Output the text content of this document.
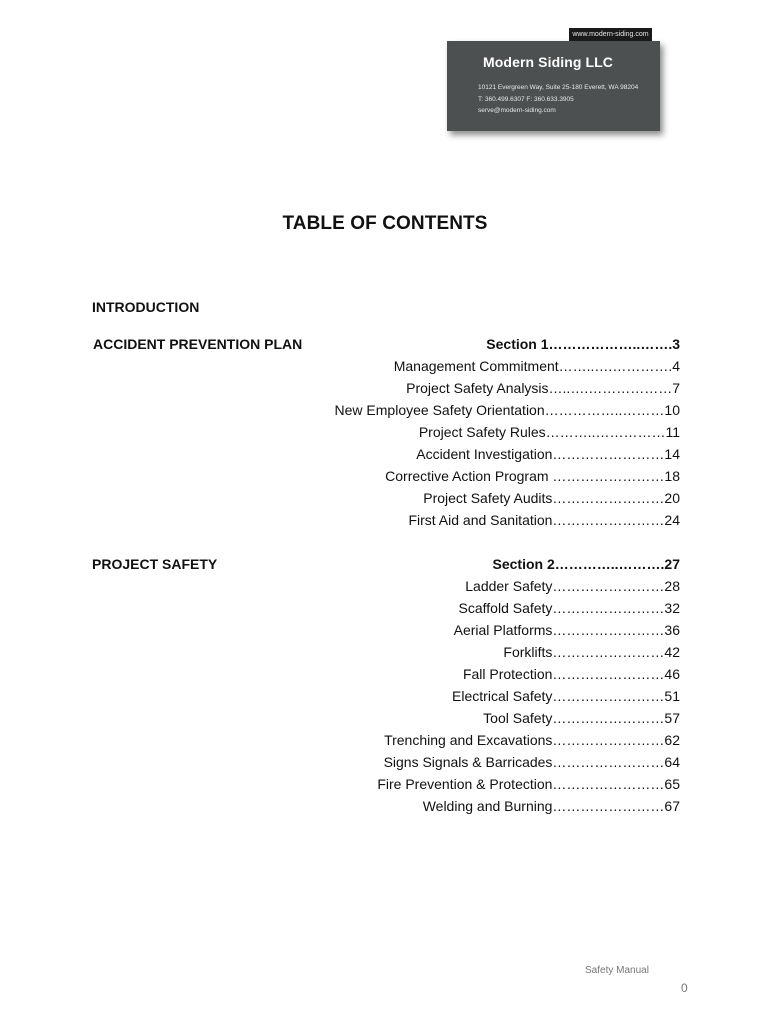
Modern Siding LLC
10121 Evergreen Way, Suite 25-180 Everett, WA 98204
T: 360.499.6307 F: 360.633.3905
serve@modern-siding.com
www.modern-siding.com
TABLE OF CONTENTS
INTRODUCTION
ACCIDENT PREVENTION PLAN	Section 1………………..…….3
Management Commitment……..….………….4
Project Safety Analysis…..….………………7
New Employee Safety Orientation……………..………10
Project Safety Rules………..……………11
Accident Investigation……………………14
Corrective Action Program ……………………18
Project Safety Audits……………………20
First Aid and Sanitation……………………24
PROJECT SAFETY	Section 2…………..……….27
Ladder Safety……………………28
Scaffold Safety……………………32
Aerial Platforms……………………36
Forklifts……………………42
Fall Protection……………………46
Electrical Safety……………………51
Tool Safety……………………57
Trenching and Excavations……………………62
Signs Signals & Barricades……………………64
Fire Prevention & Protection……………………65
Welding and Burning……………………67
Safety Manual
0
